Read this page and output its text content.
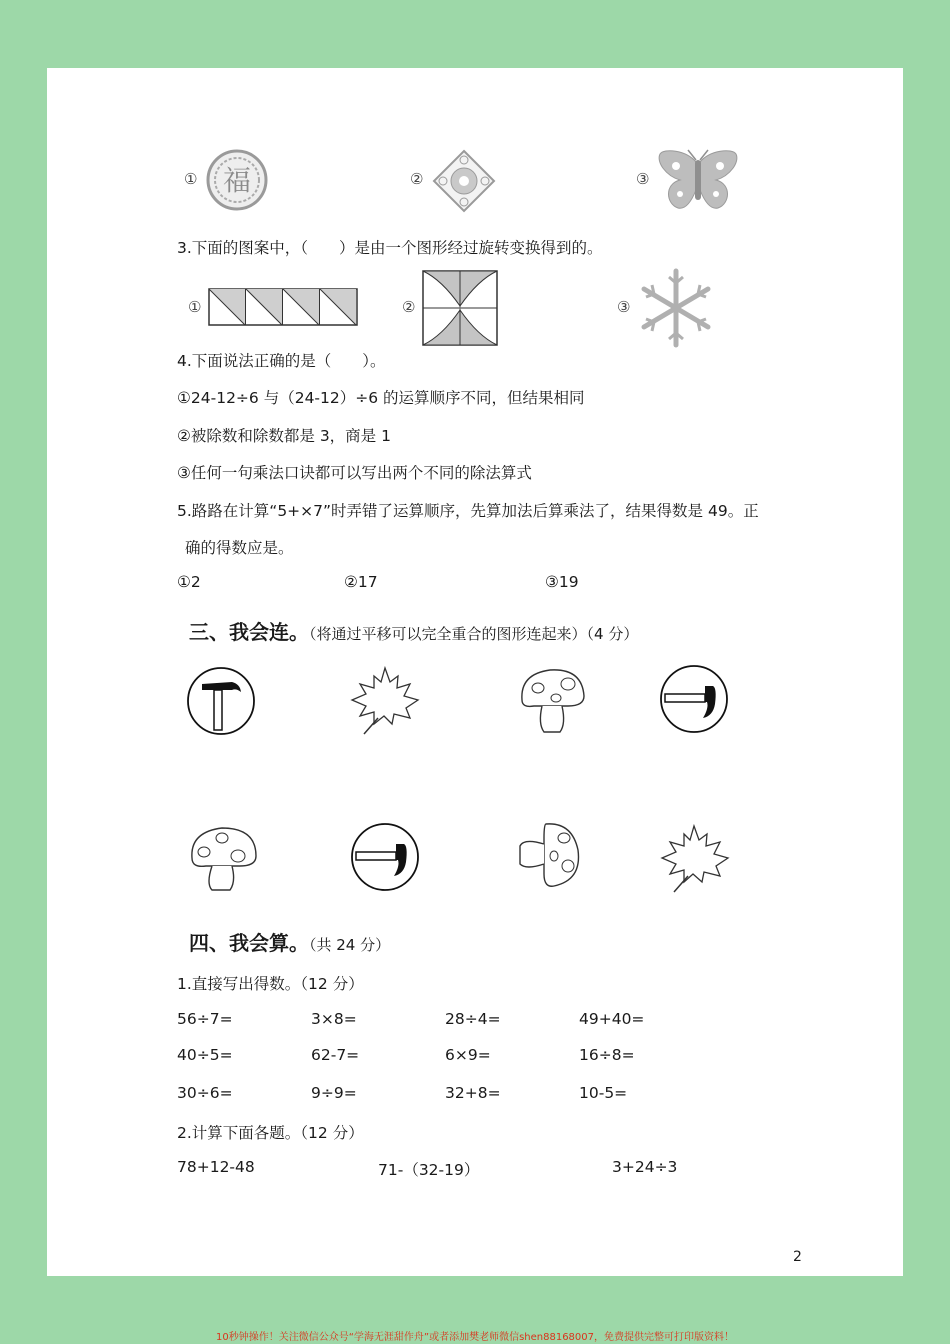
① 福	②	③
3.下面的图案中，（　　）是由一个图形经过旋转变换得到的。
①	②	③
4.下面说法正确的是（　　）。
①24-12÷6 与（24-12）÷6 的运算顺序不同，但结果相同
②被除数和除数都是 3，商是 1
③任何一句乘法口诀都可以写出两个不同的除法算式
5.路路在计算“5+×7”时弄错了运算顺序，先算加法后算乘法了，结果得数是 49。正
确的得数应是。
①2	②17	③19
三、我会连。（将通过平移可以完全重合的图形连起来）（4 分）
四、我会算。（共 24 分）
1.直接写出得数。（12 分）
56÷7=	3×8=	28÷4=	49+40=
40÷5=	62-7=	6×9=	16÷8=
30÷6=	9÷9=	32+8=	10-5=
2.计算下面各题。（12 分）
78+12-48	71-（32-19）	3+24÷3
2
10秒钟操作！关注微信公众号“学海无涯甜作舟”或者添加樊老师微信shen88168007，免费提供完整可打印版资料！
